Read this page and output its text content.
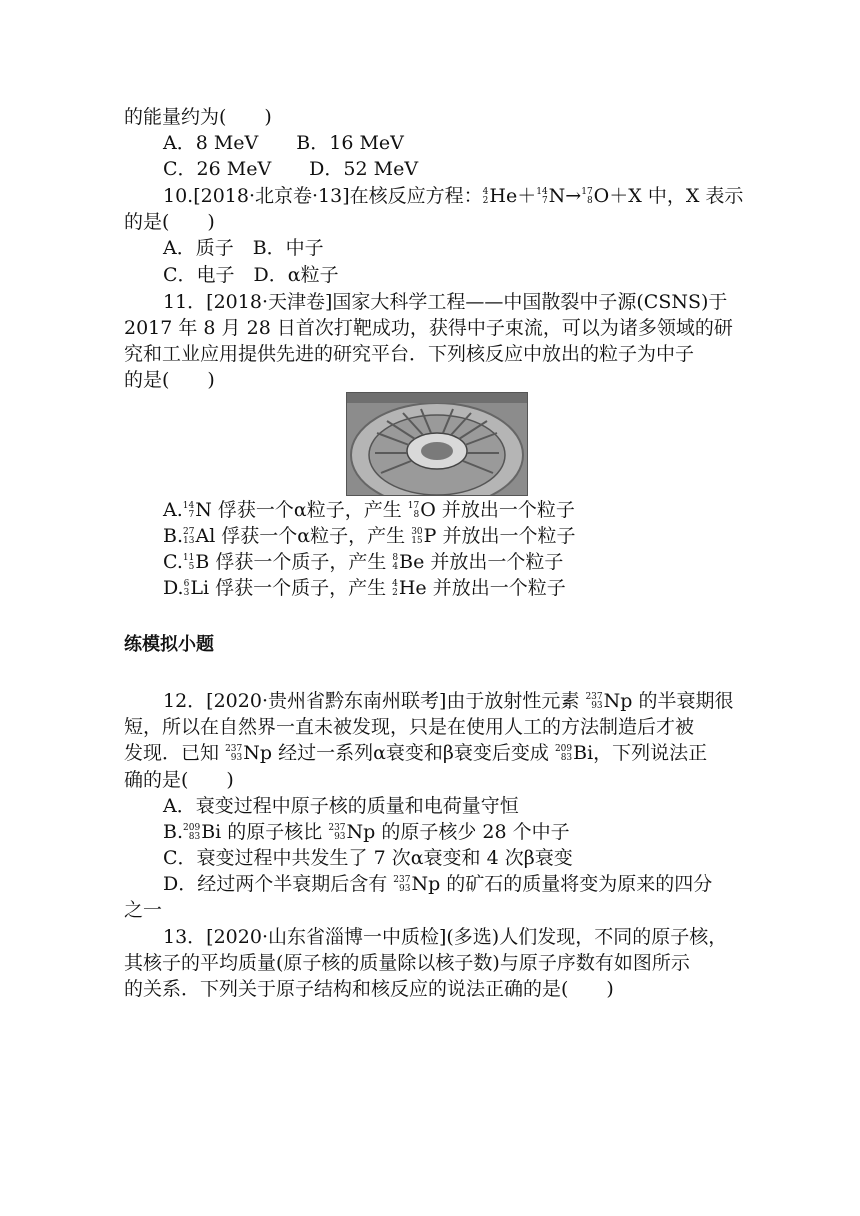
的能量约为(　　)
A．8 MeV　　B．16 MeV
C．26 MeV　　D．52 MeV
10.[2018·北京卷·13]在核反应方程： 4
2 He＋ 14
7 N→ 17
8 O＋X 中，X 表示
的是(　　)
A．质子　B．中子
C．电子　D．α粒子
11．[2018·天津卷]国家大科学工程——中国散裂中子源(CSNS)于
2017 年 8 月 28 日首次打靶成功，获得中子束流，可以为诸多领域的研
究和工业应用提供先进的研究平台．下列核反应中放出的粒子为中子
的是(　　)
A. 14
7 N 俘获一个α粒子，产生 17
8 O 并放出一个粒子
B. 27
13 Al 俘获一个α粒子，产生 30
15 P 并放出一个粒子
C. 11
5 B 俘获一个质子，产生 8
4 Be 并放出一个粒子
D. 6
3 Li 俘获一个质子，产生 4
2 He 并放出一个粒子
练模拟小题
12．[2020·贵州省黔东南州联考]由于放射性元素 237
93 Np 的半衰期很
短，所以在自然界一直未被发现，只是在使用人工的方法制造后才被
发现．已知 237
93 Np 经过一系列α衰变和β衰变后变成 209
83 Bi，下列说法正
确的是(　　)
A．衰变过程中原子核的质量和电荷量守恒
B. 209
83 Bi 的原子核比 237
93 Np 的原子核少 28 个中子
C．衰变过程中共发生了 7 次α衰变和 4 次β衰变
D．经过两个半衰期后含有 237
93 Np 的矿石的质量将变为原来的四分
之一
13．[2020·山东省淄博一中质检](多选)人们发现，不同的原子核，
其核子的平均质量(原子核的质量除以核子数)与原子序数有如图所示
的关系．下列关于原子结构和核反应的说法正确的是(　　)
